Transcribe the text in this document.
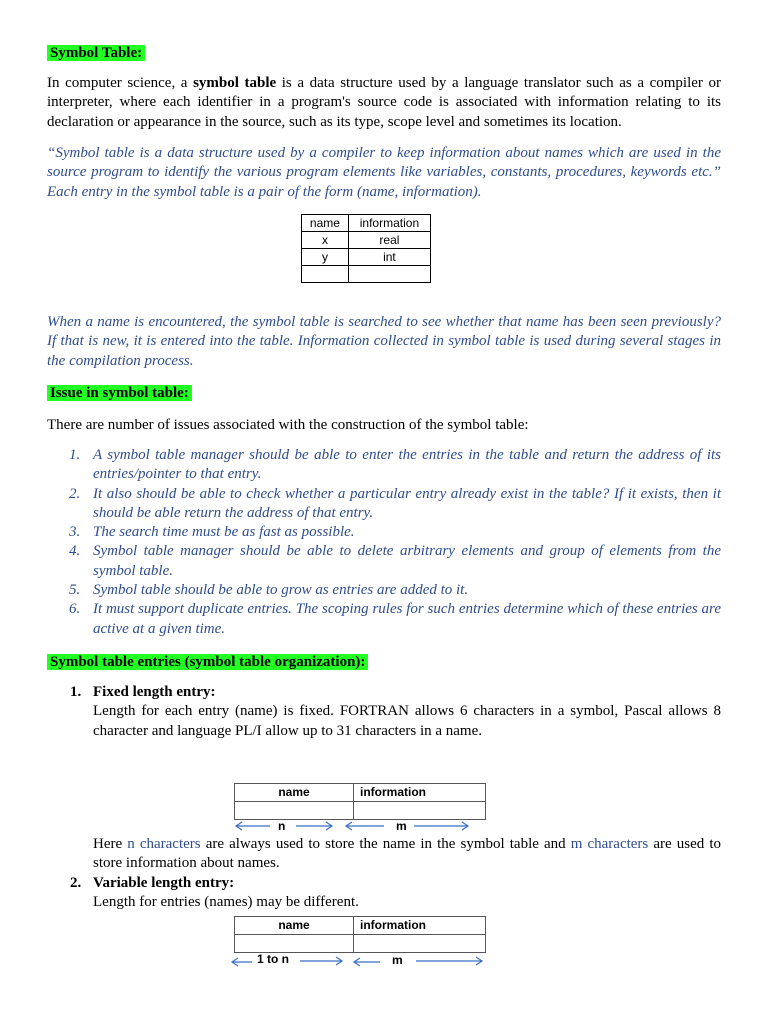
Symbol Table:
In computer science, a symbol table is a data structure used by a language translator such as a compiler or interpreter, where each identifier in a program's source code is associated with information relating to its declaration or appearance in the source, such as its type, scope level and sometimes its location.
“Symbol table is a data structure used by a compiler to keep information about names which are used in the source program to identify the various program elements like variables, constants, procedures, keywords etc.” Each entry in the symbol table is a pair of the form (name, information).
name	information
x	real
y	int

When a name is encountered, the symbol table is searched to see whether that name has been seen previously? If that is new, it is entered into the table. Information collected in symbol table is used during several stages in the compilation process.
Issue in symbol table:
There are number of issues associated with the construction of the symbol table:
1. A symbol table manager should be able to enter the entries in the table and return the address of its entries/pointer to that entry.
2. It also should be able to check whether a particular entry already exist in the table? If it exists, then it should be able return the address of that entry.
3. The search time must be as fast as possible.
4. Symbol table manager should be able to delete arbitrary elements and group of elements from the symbol table.
5. Symbol table should be able to grow as entries are added to it.
6. It must support duplicate entries. The scoping rules for such entries determine which of these entries are active at a given time.
Symbol table entries (symbol table organization):
1. Fixed length entry:
Length for each entry (name) is fixed. FORTRAN allows 6 characters in a symbol, Pascal allows 8 character and language PL/I allow up to 31 characters in a name.
name	information

n	m
Here n characters are always used to store the name in the symbol table and m characters are used to store information about names.
2. Variable length entry:
Length for entries (names) may be different.
name	information

1 to n	m
